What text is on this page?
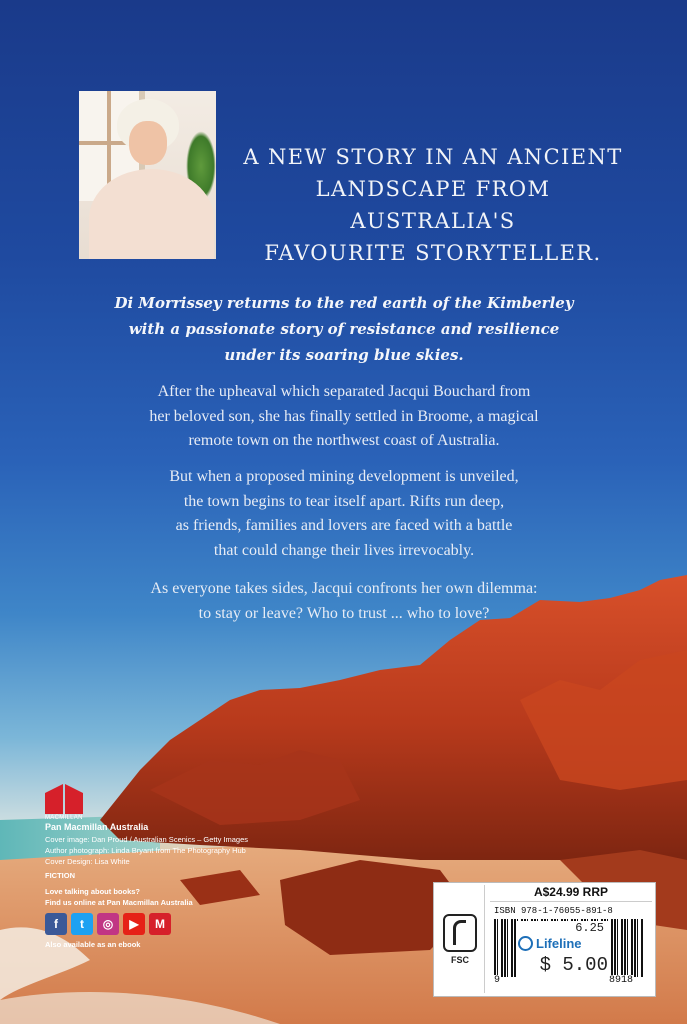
A NEW STORY IN AN ANCIENT
LANDSCAPE FROM AUSTRALIA'S
FAVOURITE STORYTELLER.

Di Morrissey returns to the red earth of the Kimberley
with a passionate story of resistance and resilience
under its soaring blue skies.

After the upheaval which separated Jacqui Bouchard from
her beloved son, she has finally settled in Broome, a magical
remote town on the northwest coast of Australia.

But when a proposed mining development is unveiled,
the town begins to tear itself apart. Rifts run deep,
as friends, families and lovers are faced with a battle
that could change their lives irrevocably.

As everyone takes sides, Jacqui confronts her own dilemma:
to stay or leave? Who to trust ... who to love?

MACMILLAN
Pan Macmillan Australia
Cover image: Dan Proud / Australian Scenics – Getty Images
Author photograph: Linda Bryant from The Photography Hub
Cover Design: Lisa White
FICTION
Love talking about books?
Find us online at Pan Macmillan Australia
f	t	◎	▶	M
Also available as an ebook
FSC
A$24.99 RRP
ISBN 978-1-76055-891-8
6.25
Lifeline
$ 5.00
9	8918
